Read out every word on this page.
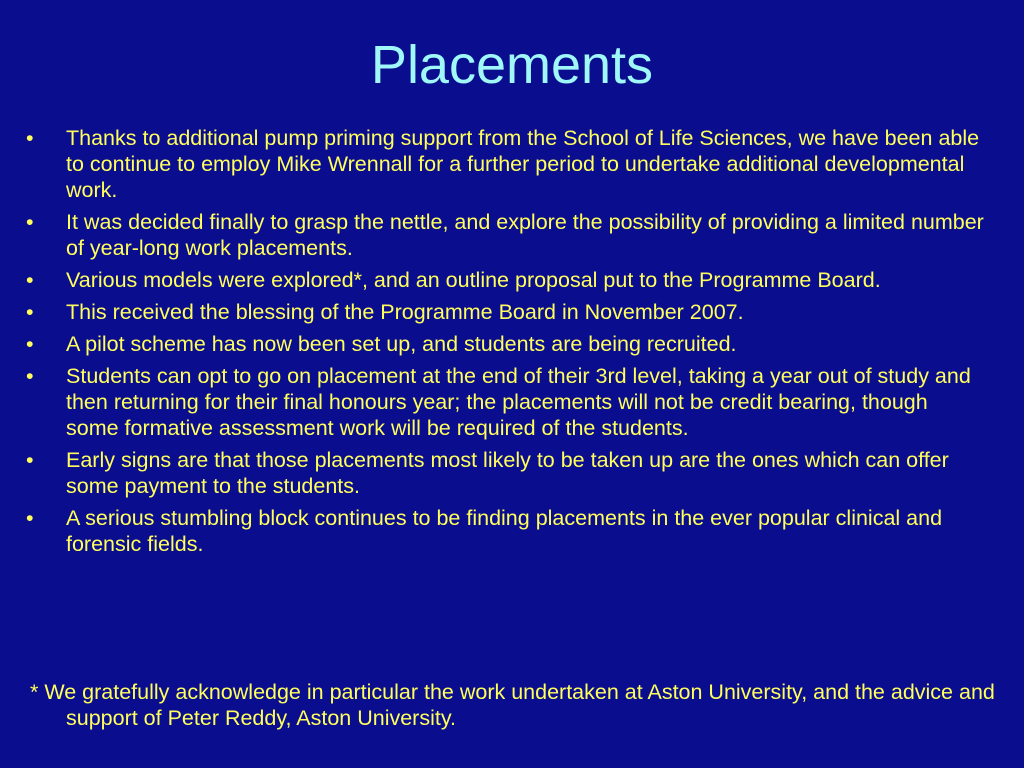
Placements
•	Thanks to additional pump priming support from the School of Life Sciences, we have been able to continue to employ Mike Wrennall for a further period to undertake additional developmental work.
•	It was decided finally to grasp the nettle, and explore the possibility of providing a limited number of year-long work placements.
•	Various models were explored*, and an outline proposal put to the Programme Board.
•	This received the blessing of the Programme Board in November 2007.
•	A pilot scheme has now been set up, and students are being recruited.
•	Students can opt to go on placement at the end of their 3rd level, taking a year out of study and then returning for their final honours year; the placements will not be credit bearing, though some formative assessment work will be required of the students.
•	Early signs are that those placements most likely to be taken up are the ones which can offer some payment to the students.
•	A serious stumbling block continues to be finding placements in the ever popular clinical and forensic fields.

* We gratefully acknowledge in particular the work undertaken at Aston University, and the advice and support of Peter Reddy, Aston University.
